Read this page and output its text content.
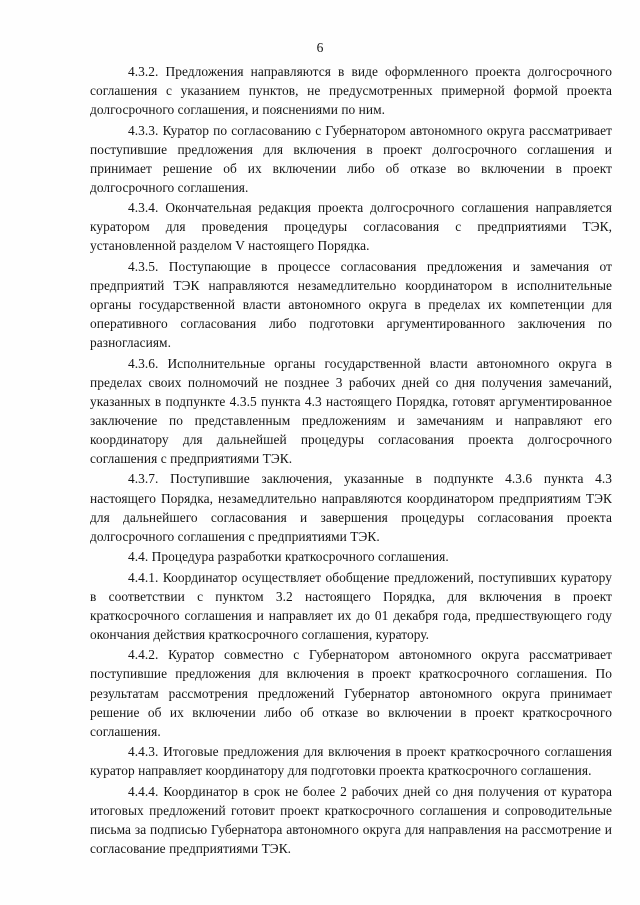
6

4.3.2. Предложения направляются в виде оформленного проекта долгосрочного соглашения с указанием пунктов, не предусмотренных примерной формой проекта долгосрочного соглашения, и пояснениями по ним.

4.3.3. Куратор по согласованию с Губернатором автономного округа рассматривает поступившие предложения для включения в проект долгосрочного соглашения и принимает решение об их включении либо об отказе во включении в проект долгосрочного соглашения.

4.3.4. Окончательная редакция проекта долгосрочного соглашения направляется куратором для проведения процедуры согласования с предприятиями ТЭК, установленной разделом V настоящего Порядка.

4.3.5. Поступающие в процессе согласования предложения и замечания от предприятий ТЭК направляются незамедлительно координатором в исполнительные органы государственной власти автономного округа в пределах их компетенции для оперативного согласования либо подготовки аргументированного заключения по разногласиям.

4.3.6. Исполнительные органы государственной власти автономного округа в пределах своих полномочий не позднее 3 рабочих дней со дня получения замечаний, указанных в подпункте 4.3.5 пункта 4.3 настоящего Порядка, готовят аргументированное заключение по представленным предложениям и замечаниям и направляют его координатору для дальнейшей процедуры согласования проекта долгосрочного соглашения с предприятиями ТЭК.

4.3.7. Поступившие заключения, указанные в подпункте 4.3.6 пункта 4.3 настоящего Порядка, незамедлительно направляются координатором предприятиям ТЭК для дальнейшего согласования и завершения процедуры согласования проекта долгосрочного соглашения с предприятиями ТЭК.

4.4. Процедура разработки краткосрочного соглашения.

4.4.1. Координатор осуществляет обобщение предложений, поступивших куратору в соответствии с пунктом 3.2 настоящего Порядка, для включения в проект краткосрочного соглашения и направляет их до 01 декабря года, предшествующего году окончания действия краткосрочного соглашения, куратору.

4.4.2. Куратор совместно с Губернатором автономного округа рассматривает поступившие предложения для включения в проект краткосрочного соглашения. По результатам рассмотрения предложений Губернатор автономного округа принимает решение об их включении либо об отказе во включении в проект краткосрочного соглашения.

4.4.3. Итоговые предложения для включения в проект краткосрочного соглашения куратор направляет координатору для подготовки проекта краткосрочного соглашения.

4.4.4. Координатор в срок не более 2 рабочих дней со дня получения от куратора итоговых предложений готовит проект краткосрочного соглашения и сопроводительные письма за подписью Губернатора автономного округа для направления на рассмотрение и согласование предприятиями ТЭК.
